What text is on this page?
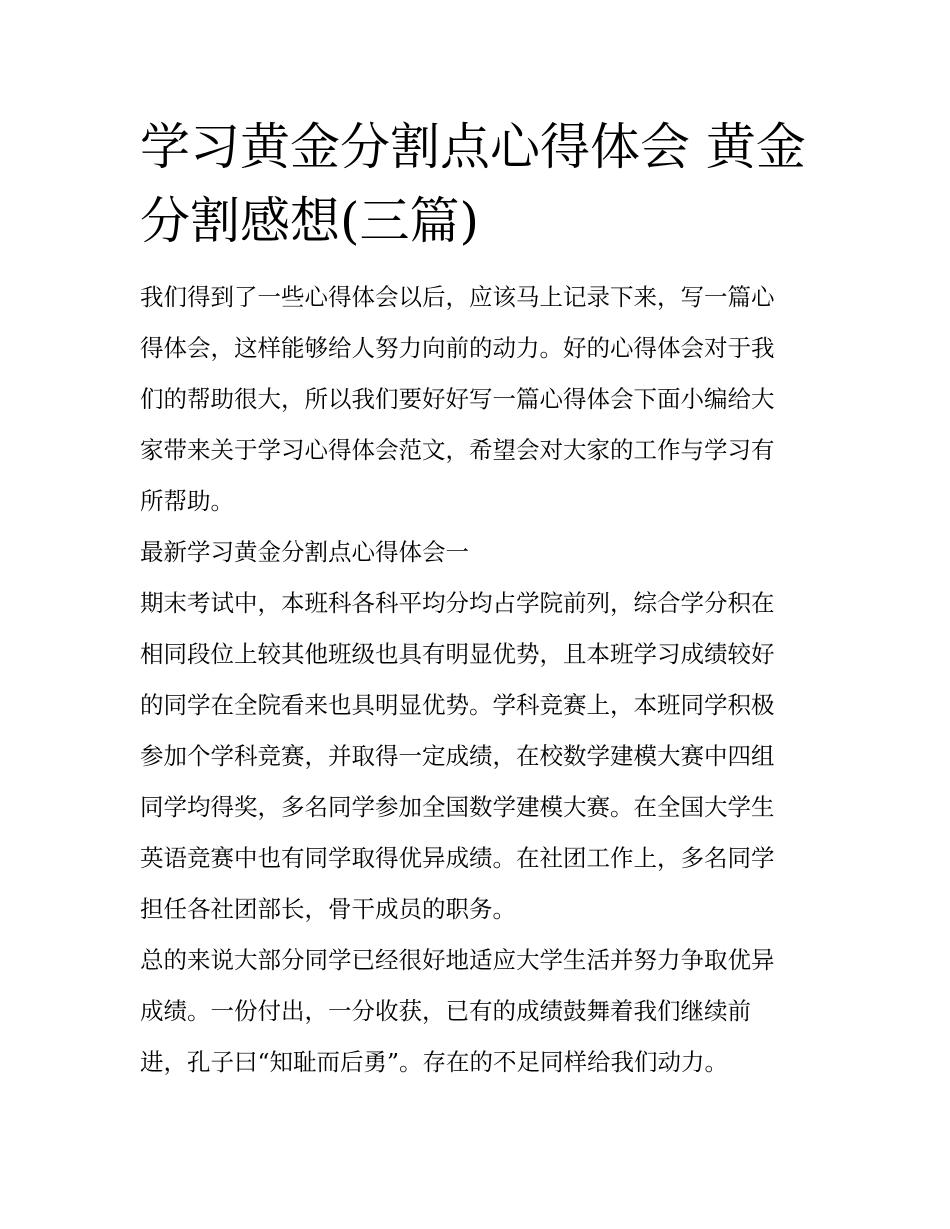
学习黄金分割点心得体会 黄金
分割感想(三篇)
我们得到了一些心得体会以后，应该马上记录下来，写一篇心
得体会，这样能够给人努力向前的动力。好的心得体会对于我
们的帮助很大，所以我们要好好写一篇心得体会下面小编给大
家带来关于学习心得体会范文，希望会对大家的工作与学习有
所帮助。
最新学习黄金分割点心得体会一
期末考试中，本班科各科平均分均占学院前列，综合学分积在
相同段位上较其他班级也具有明显优势，且本班学习成绩较好
的同学在全院看来也具明显优势。学科竞赛上，本班同学积极
参加个学科竞赛，并取得一定成绩，在校数学建模大赛中四组
同学均得奖，多名同学参加全国数学建模大赛。在全国大学生
英语竞赛中也有同学取得优异成绩。在社团工作上，多名同学
担任各社团部长，骨干成员的职务。
总的来说大部分同学已经很好地适应大学生活并努力争取优异
成绩。一份付出，一分收获，已有的成绩鼓舞着我们继续前
进，孔子曰“知耻而后勇”。存在的不足同样给我们动力。
